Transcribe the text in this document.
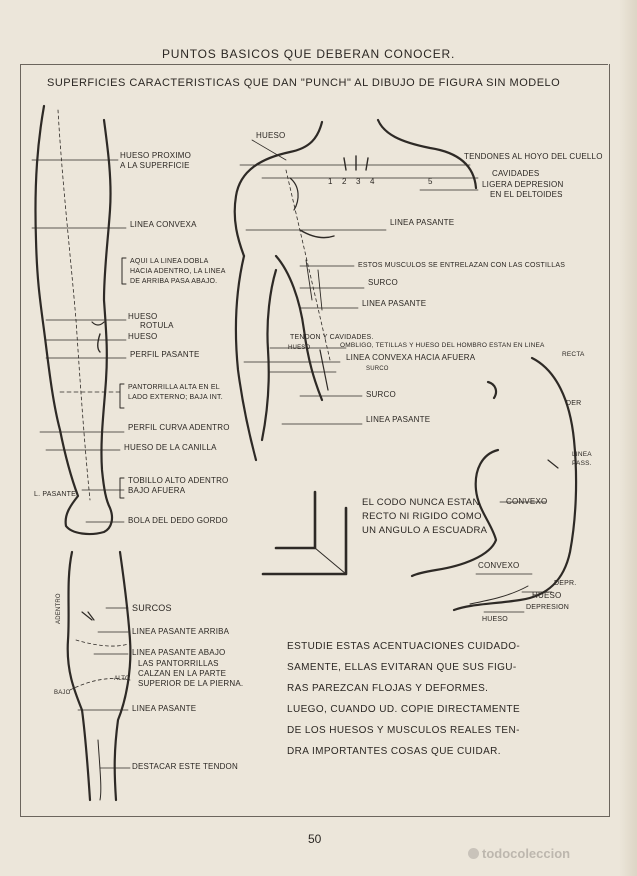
PUNTOS BASICOS QUE DEBERAN CONOCER.
SUPERFICIES CARACTERISTICAS QUE DAN "PUNCH" AL DIBUJO DE FIGURA SIN MODELO
HUESO PROXIMO
A LA SUPERFICIE
LINEA CONVEXA
AQUI LA LINEA DOBLA
HACIA ADENTRO, LA LINEA
DE ARRIBA PASA ABAJO.
HUESO
ROTULA
HUESO
PERFIL PASANTE
PANTORRILLA ALTA EN EL
LADO EXTERNO; BAJA INT.
PERFIL CURVA ADENTRO
HUESO DE LA CANILLA
TOBILLO ALTO ADENTRO
BAJO AFUERA
L. PASANTE
BOLA DEL DEDO GORDO
SURCOS
ADENTRO
LINEA PASANTE ARRIBA
LINEA PASANTE ABAJO
LAS PANTORRILLAS
CALZAN EN LA PARTE
SUPERIOR DE LA PIERNA.
ALTO
BAJO
LINEA PASANTE
DESTACAR ESTE TENDON
HUESO
TENDONES AL HOYO DEL CUELLO
CAVIDADES
LIGERA DEPRESION
EN EL DELTOIDES
1 2 3 4	5
LINEA PASANTE
ESTOS MUSCULOS SE ENTRELAZAN CON LAS COSTILLAS
SURCO
LINEA PASANTE
TENDON Y CAVIDADES.
HUESO	OMBLIGO, TETILLAS Y HUESO DEL HOMBRO ESTAN EN LINEA
RECTA
LINEA CONVEXA HACIA AFUERA
SURCO
SURCO
LINEA PASANTE
DER
LINEA
PASS.
CONVEXO
CONVEXO
DEPR.
HUESO
DEPRESION
HUESO
EL CODO NUNCA ESTAN
RECTO NI RIGIDO COMO
UN ANGULO A ESCUADRA
ESTUDIE ESTAS ACENTUACIONES CUIDADO-
SAMENTE, ELLAS EVITARAN QUE SUS FIGU-
RAS PAREZCAN FLOJAS Y DEFORMES.
LUEGO, CUANDO UD. COPIE DIRECTAMENTE
DE LOS HUESOS Y MUSCULOS REALES TEN-
DRA IMPORTANTES COSAS QUE CUIDAR.
50
todocoleccion
